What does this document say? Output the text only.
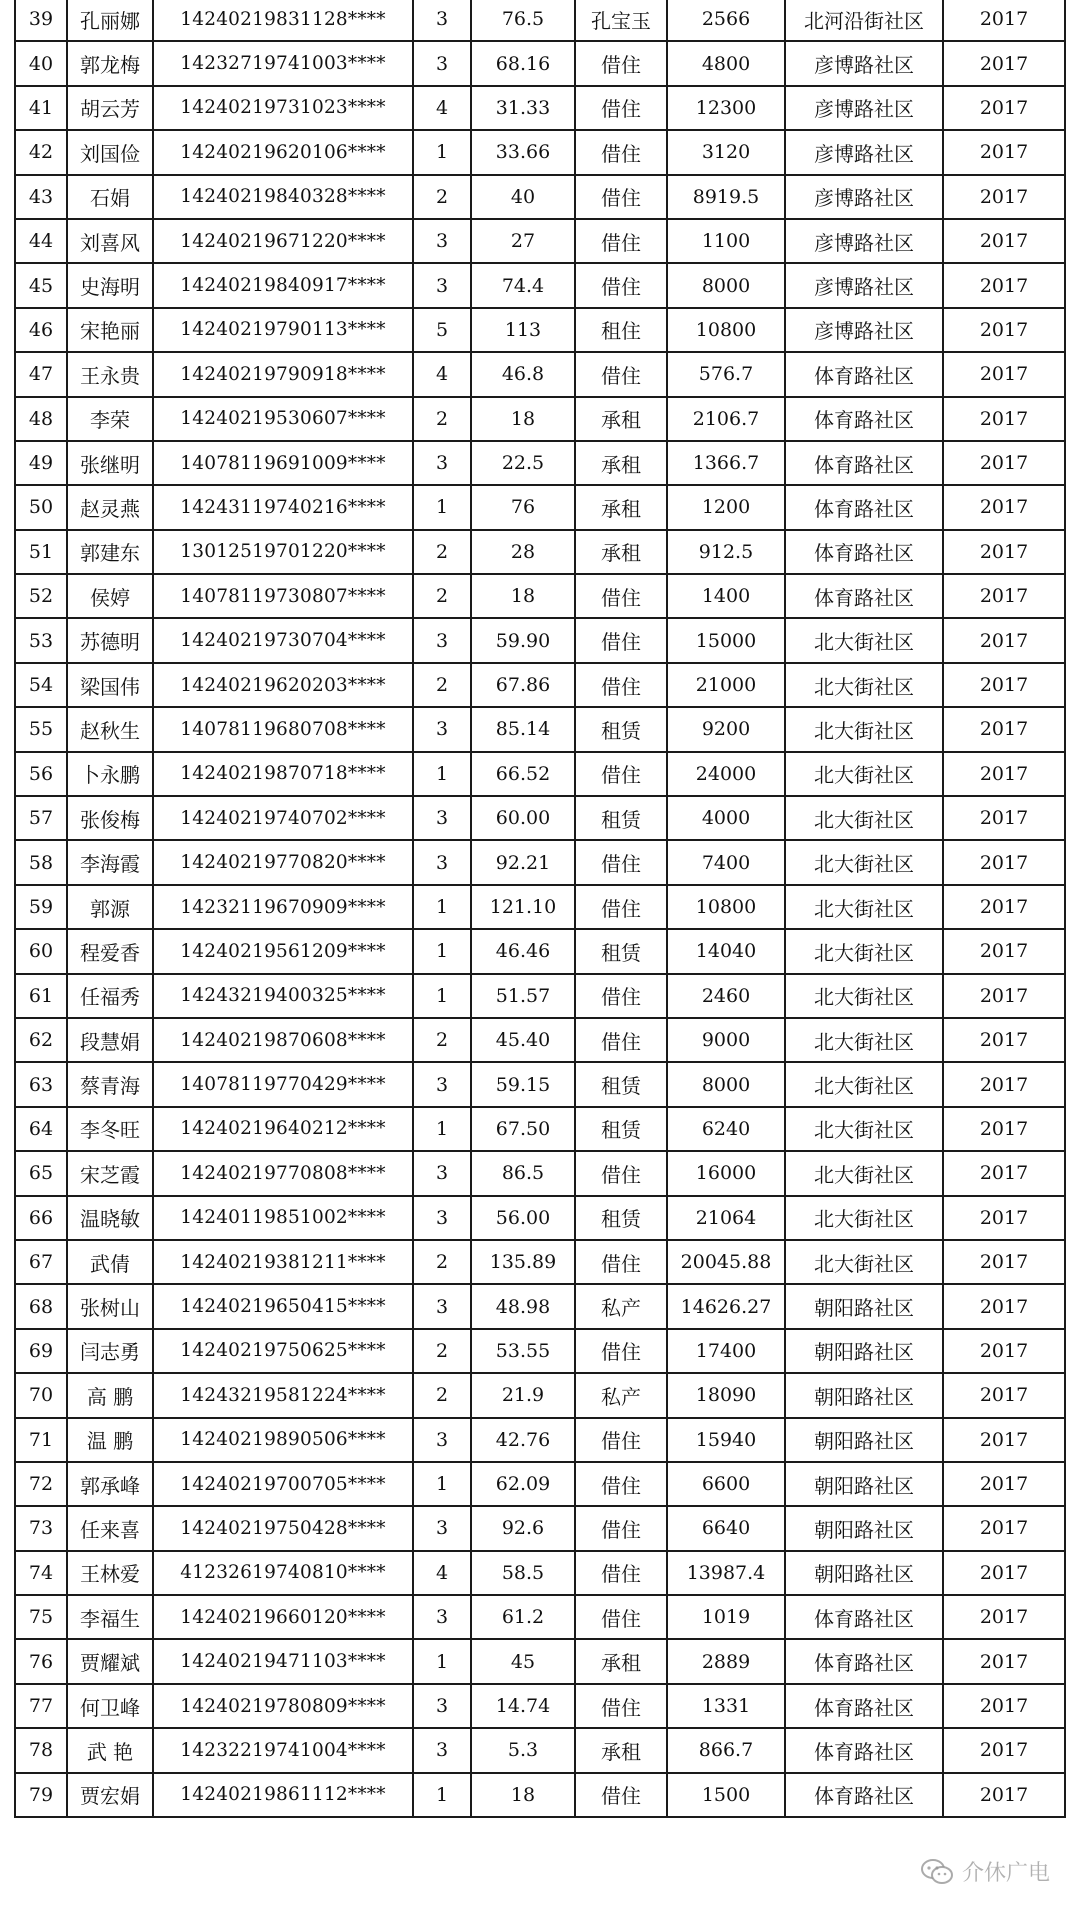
39	孔丽娜	14240219831128****	3	76.5	孔宝玉	2566	北河沿街社区	2017
40	郭龙梅	14232719741003****	3	68.16	借住	4800	彦博路社区	2017
41	胡云芳	14240219731023****	4	31.33	借住	12300	彦博路社区	2017
42	刘国俭	14240219620106****	1	33.66	借住	3120	彦博路社区	2017
43	石娟	14240219840328****	2	40	借住	8919.5	彦博路社区	2017
44	刘喜风	14240219671220****	3	27	借住	1100	彦博路社区	2017
45	史海明	14240219840917****	3	74.4	借住	8000	彦博路社区	2017
46	宋艳丽	14240219790113****	5	113	租住	10800	彦博路社区	2017
47	王永贵	14240219790918****	4	46.8	借住	576.7	体育路社区	2017
48	李荣	14240219530607****	2	18	承租	2106.7	体育路社区	2017
49	张继明	14078119691009****	3	22.5	承租	1366.7	体育路社区	2017
50	赵灵燕	14243119740216****	1	76	承租	1200	体育路社区	2017
51	郭建东	13012519701220****	2	28	承租	912.5	体育路社区	2017
52	侯婷	14078119730807****	2	18	借住	1400	体育路社区	2017
53	苏德明	14240219730704****	3	59.90	借住	15000	北大街社区	2017
54	梁国伟	14240219620203****	2	67.86	借住	21000	北大街社区	2017
55	赵秋生	14078119680708****	3	85.14	租赁	9200	北大街社区	2017
56	卜永鹏	14240219870718****	1	66.52	借住	24000	北大街社区	2017
57	张俊梅	14240219740702****	3	60.00	租赁	4000	北大街社区	2017
58	李海霞	14240219770820****	3	92.21	借住	7400	北大街社区	2017
59	郭源	14232119670909****	1	121.10	借住	10800	北大街社区	2017
60	程爱香	14240219561209****	1	46.46	租赁	14040	北大街社区	2017
61	任福秀	14243219400325****	1	51.57	借住	2460	北大街社区	2017
62	段慧娟	14240219870608****	2	45.40	借住	9000	北大街社区	2017
63	蔡青海	14078119770429****	3	59.15	租赁	8000	北大街社区	2017
64	李冬旺	14240219640212****	1	67.50	租赁	6240	北大街社区	2017
65	宋芝霞	14240219770808****	3	86.5	借住	16000	北大街社区	2017
66	温晓敏	14240119851002****	3	56.00	租赁	21064	北大街社区	2017
67	武倩	14240219381211****	2	135.89	借住	20045.88	北大街社区	2017
68	张树山	14240219650415****	3	48.98	私产	14626.27	朝阳路社区	2017
69	闫志勇	14240219750625****	2	53.55	借住	17400	朝阳路社区	2017
70	高 鹏	14243219581224****	2	21.9	私产	18090	朝阳路社区	2017
71	温 鹏	14240219890506****	3	42.76	借住	15940	朝阳路社区	2017
72	郭承峰	14240219700705****	1	62.09	借住	6600	朝阳路社区	2017
73	任来喜	14240219750428****	3	92.6	借住	6640	朝阳路社区	2017
74	王林爱	41232619740810****	4	58.5	借住	13987.4	朝阳路社区	2017
75	李福生	14240219660120****	3	61.2	借住	1019	体育路社区	2017
76	贾耀斌	14240219471103****	1	45	承租	2889	体育路社区	2017
77	何卫峰	14240219780809****	3	14.74	借住	1331	体育路社区	2017
78	武 艳	14232219741004****	3	5.3	承租	866.7	体育路社区	2017
79	贾宏娟	14240219861112****	1	18	借住	1500	体育路社区	2017
介休广电
